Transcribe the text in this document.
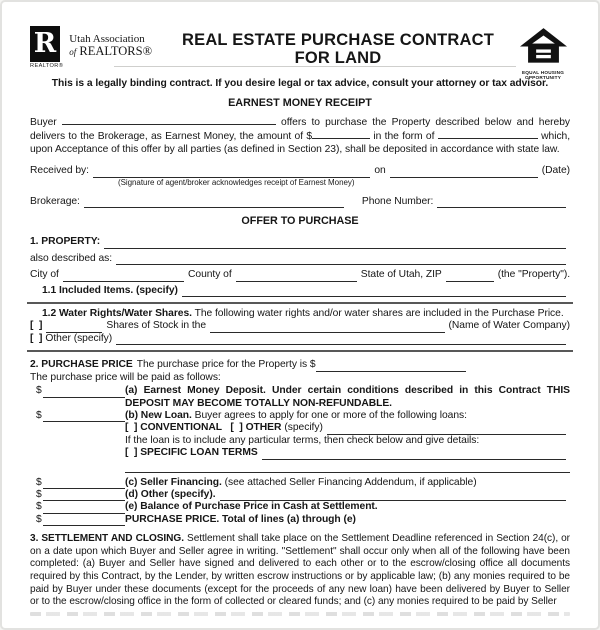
R
REALTOR®
Utah Association
of REALTORS®
REAL ESTATE PURCHASE CONTRACT
FOR LAND
EQUAL HOUSING
OPPORTUNITY
This is a legally binding contract. If you desire legal or tax advice, consult your attorney or tax advisor.
EARNEST MONEY RECEIPT

Buyer	offers to purchase the Property described below and hereby delivers to the Brokerage, as Earnest Money, the amount of $	in the form of	which, upon Acceptance of this offer by all parties (as defined in Section 23), shall be deposited in accordance with state law.

Received by:	on	(Date)
(Signature of agent/broker acknowledges receipt of Earnest Money)
Brokerage:	Phone Number:
OFFER TO PURCHASE
1. PROPERTY:
also described as:
City of	County of	State of Utah, ZIP	(the "Property").
1.1 Included Items. (specify)
1.2 Water Rights/Water Shares. The following water rights and/or water shares are included in the Purchase Price.
[  ]	Shares of Stock in the	(Name of Water Company)
[  ] Other (specify)
2. PURCHASE PRICE The purchase price for the Property is $
The purchase price will be paid as follows:
$	(a) Earnest Money Deposit. Under certain conditions described in this Contract THIS DEPOSIT MAY BECOME TOTALLY NON-REFUNDABLE.
$	(b) New Loan. Buyer agrees to apply for one or more of the following loans:
[  ] CONVENTIONAL   [  ] OTHER (specify)
If the loan is to include any particular terms, then check below and give details:
[  ] SPECIFIC LOAN TERMS
$	(c) Seller Financing. (see attached Seller Financing Addendum, if applicable)
$	(d) Other (specify).
$	(e) Balance of Purchase Price in Cash at Settlement.
$	PURCHASE PRICE. Total of lines (a) through (e)

3. SETTLEMENT AND CLOSING. Settlement shall take place on the Settlement Deadline referenced in Section 24(c), or on a date upon which Buyer and Seller agree in writing. "Settlement" shall occur only when all of the following have been completed: (a) Buyer and Seller have signed and delivered to each other or to the escrow/closing office all documents required by this Contract, by the Lender, by written escrow instructions or by applicable law; (b) any monies required to be paid by Buyer under these documents (except for the proceeds of any new loan) have been delivered by Buyer to Seller or to the escrow/closing office in the form of collected or cleared funds; and (c) any monies required to be paid by Seller
